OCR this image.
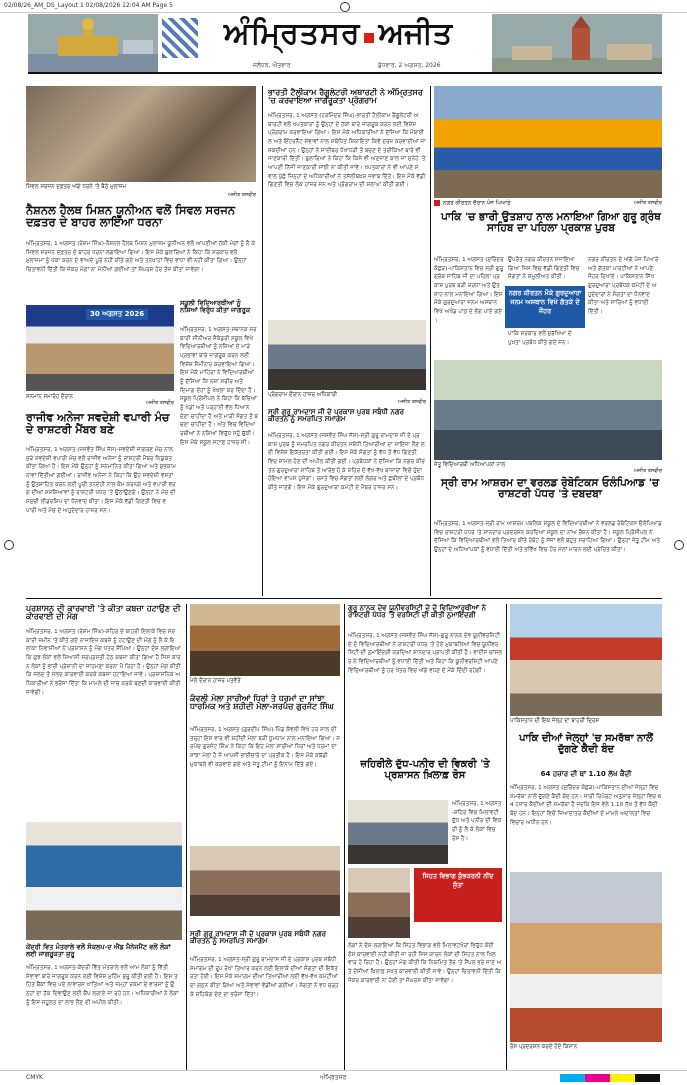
02/08/26_AM_DS_Layout 1 02/08/2026 12:04 AM Page 5
ਅੰਮ੍ਰਿਤਸਰ ਅਜੀਤ
ਜਲੰਧਰ, ਐਤਵਾਰ	ਬੁੱਧਵਾਰ, 2 ਅਗਸਤ, 2026
ਸਿਵਲ ਸਰਜਨ ਦਫ਼ਤਰ ਅੱਗੇ ਧਰਨੇ 'ਤੇ ਬੈਠੇ ਮੁਲਾਜ਼ਮ
ਅਜੀਤ ਤਸਵੀਰ
ਨੈਸ਼ਨਲ ਹੈਲਥ ਮਿਸ਼ਨ ਯੂਨੀਅਨ ਵਲੋਂ ਸਿਵਲ ਸਰਜਨ ਦਫ਼ਤਰ ਦੇ ਬਾਹਰ ਲਾਇਆ ਧਰਨਾ
ਅੰਮ੍ਰਿਤਸਰ, 1 ਅਗਸਤ (ਰੇਸ਼ਮ ਸਿੰਘ)-ਨੈਸ਼ਨਲ ਹੈਲਥ ਮਿਸ਼ਨ ਮੁਲਾਜ਼ਮ ਯੂਨੀਅਨ ਵਲੋਂ ਆਪਣੀਆਂ ਹੱਕੀ ਮੰਗਾਂ ਨੂੰ ਲੈ ਕੇ ਸਿਵਲ ਸਰਜਨ ਦਫ਼ਤਰ ਦੇ ਬਾਹਰ ਧਰਨਾ ਲਗਾਇਆ ਗਿਆ। ਇਸ ਮੌਕੇ ਬੁਲਾਰਿਆਂ ਨੇ ਕਿਹਾ ਕਿ ਸਰਕਾਰ ਵਲੋਂ ਮੁਲਾਜ਼ਮਾਂ ਨੂੰ ਪੱਕਾ ਕਰਨ ਦੇ ਵਾਅਦੇ ਪੂਰੇ ਨਹੀਂ ਕੀਤੇ ਗਏ ਅਤੇ ਤਨਖ਼ਾਹਾਂ ਵਿਚ ਵਾਧਾ ਵੀ ਨਹੀਂ ਕੀਤਾ ਗਿਆ। ਉਨ੍ਹਾਂ ਚਿਤਾਵਨੀ ਦਿੱਤੀ ਕਿ ਜੇਕਰ ਮੰਗਾਂ ਨਾ ਮੰਨੀਆਂ ਗਈਆਂ ਤਾਂ ਸੰਘਰਸ਼ ਹੋਰ ਤੇਜ਼ ਕੀਤਾ ਜਾਵੇਗਾ।
30 ਅਗਸਤ 2026
ਸਨਮਾਨ ਸਮਾਰੋਹ ਦੌਰਾਨ
ਅਜੀਤ ਤਸਵੀਰ
ਰਾਜੀਵ ਅਨੇਜਾ ਸਵਦੇਸ਼ੀ ਵਪਾਰੀ ਮੰਚ ਦੇ ਰਾਸ਼ਟਰੀ ਮੈਂਬਰ ਬਣੇ
ਅੰਮ੍ਰਿਤਸਰ, 1 ਅਗਸਤ (ਜਸਵੰਤ ਸਿੰਘ ਜੱਸ)-ਸਵਦੇਸ਼ੀ ਜਾਗਰਣ ਮੰਚ ਨਾਲ ਜੁੜੇ ਸਵਦੇਸ਼ੀ ਵਪਾਰੀ ਮੰਚ ਵਲੋਂ ਰਾਜੀਵ ਅਨੇਜਾ ਨੂੰ ਰਾਸ਼ਟਰੀ ਮੈਂਬਰ ਨਿਯੁਕਤ ਕੀਤਾ ਗਿਆ ਹੈ। ਇਸ ਮੌਕੇ ਉਨ੍ਹਾਂ ਨੂੰ ਸਨਮਾਨਿਤ ਕੀਤਾ ਗਿਆ ਅਤੇ ਸ਼ੁਭਕਾਮਨਾਵਾਂ ਦਿੱਤੀਆਂ ਗਈਆਂ। ਰਾਜੀਵ ਅਨੇਜਾ ਨੇ ਕਿਹਾ ਕਿ ਉਹ ਸਵਦੇਸ਼ੀ ਵਸਤਾਂ ਨੂੰ ਉਤਸ਼ਾਹਿਤ ਕਰਨ ਲਈ ਪੂਰੀ ਤਨਦੇਹੀ ਨਾਲ ਕੰਮ ਕਰਨਗੇ ਅਤੇ ਵਪਾਰੀ ਵਰਗ ਦੀਆਂ ਸਮੱਸਿਆਵਾਂ ਨੂੰ ਰਾਸ਼ਟਰੀ ਪੱਧਰ 'ਤੇ ਉਠਾਉਣਗੇ। ਉਨ੍ਹਾਂ ਨੇ ਮੰਚ ਦੀ ਸਮੁੱਚੀ ਲੀਡਰਸ਼ਿਪ ਦਾ ਧੰਨਵਾਦ ਕੀਤਾ। ਇਸ ਮੌਕੇ ਵੱਡੀ ਗਿਣਤੀ ਵਿਚ ਵਪਾਰੀ ਅਤੇ ਮੰਚ ਦੇ ਅਹੁਦੇਦਾਰ ਹਾਜ਼ਰ ਸਨ।
ਸਕੂਲੀ ਵਿਦਿਆਰਥੀਆਂ ਨੂੰ ਨਸ਼ਿਆਂ ਵਿਰੁੱਧ ਕੀਤਾ ਜਾਗਰੂਕ
ਅੰਮ੍ਰਿਤਸਰ, 1 ਅਗਸਤ-ਸਥਾਨਕ ਸਰਕਾਰੀ ਸੀਨੀਅਰ ਸੈਕੰਡਰੀ ਸਕੂਲ ਵਿਖੇ ਵਿਦਿਆਰਥੀਆਂ ਨੂੰ ਨਸ਼ਿਆਂ ਦੇ ਮਾੜੇ ਪ੍ਰਭਾਵਾਂ ਬਾਰੇ ਜਾਗਰੂਕ ਕਰਨ ਲਈ ਵਿਸ਼ੇਸ਼ ਸੈਮੀਨਾਰ ਕਰਵਾਇਆ ਗਿਆ। ਇਸ ਮੌਕੇ ਮਾਹਿਰਾਂ ਨੇ ਵਿਦਿਆਰਥੀਆਂ ਨੂੰ ਦੱਸਿਆ ਕਿ ਨਸ਼ਾ ਸਰੀਰ ਅਤੇ ਦਿਮਾਗ ਦੋਹਾਂ ਨੂੰ ਖੋਖਲਾ ਕਰ ਦਿੰਦਾ ਹੈ। ਸਕੂਲ ਪ੍ਰਿੰਸੀਪਲ ਨੇ ਕਿਹਾ ਕਿ ਬੱਚਿਆਂ ਨੂੰ ਖੇਡਾਂ ਅਤੇ ਪੜ੍ਹਾਈ ਵੱਲ ਧਿਆਨ ਦੇਣਾ ਚਾਹੀਦਾ ਹੈ ਅਤੇ ਮਾੜੀ ਸੰਗਤ ਤੋਂ ਬਚਣਾ ਚਾਹੀਦਾ ਹੈ। ਅੰਤ ਵਿਚ ਵਿਦਿਆਰਥੀਆਂ ਨੇ ਨਸ਼ਿਆਂ ਵਿਰੁੱਧ ਸਹੁੰ ਚੁੱਕੀ। ਇਸ ਮੌਕੇ ਸਕੂਲ ਸਟਾਫ਼ ਹਾਜ਼ਰ ਸੀ।
ਭਾਰਤੀ ਟੈਲੀਕਾਮ ਰੈਗੂਲੇਟਰੀ ਅਥਾਰਟੀ ਨੇ ਅੰਮ੍ਰਿਤਸਰ 'ਚ ਕਰਵਾਇਆ ਜਾਗਰੂਕਤਾ ਪ੍ਰੋਗਰਾਮ
ਅੰਮ੍ਰਿਤਸਰ, 1 ਅਗਸਤ (ਹਰਮਿੰਦਰ ਸਿੰਘ)-ਭਾਰਤੀ ਟੈਲੀਕਾਮ ਰੈਗੂਲੇਟਰੀ ਅਥਾਰਟੀ ਵਲੋਂ ਖਪਤਕਾਰਾਂ ਨੂੰ ਉਨ੍ਹਾਂ ਦੇ ਹੱਕਾਂ ਬਾਰੇ ਜਾਗਰੂਕ ਕਰਨ ਲਈ ਵਿਸ਼ੇਸ਼ ਪ੍ਰੋਗਰਾਮ ਕਰਵਾਇਆ ਗਿਆ। ਇਸ ਮੌਕੇ ਅਧਿਕਾਰੀਆਂ ਨੇ ਦੱਸਿਆ ਕਿ ਮੋਬਾਈਲ ਅਤੇ ਇੰਟਰਨੈੱਟ ਸੇਵਾਵਾਂ ਨਾਲ ਸਬੰਧਿਤ ਸ਼ਿਕਾਇਤਾਂ ਕਿਵੇਂ ਦਰਜ ਕਰਵਾਈਆਂ ਜਾ ਸਕਦੀਆਂ ਹਨ। ਉਨ੍ਹਾਂ ਨੇ ਸਾਈਬਰ ਧੋਖਾਧੜੀ ਤੋਂ ਬਚਣ ਦੇ ਤਰੀਕਿਆਂ ਬਾਰੇ ਵੀ ਜਾਣਕਾਰੀ ਦਿੱਤੀ। ਬੁਲਾਰਿਆਂ ਨੇ ਕਿਹਾ ਕਿ ਕਿਸੇ ਵੀ ਅਣਜਾਣ ਕਾਲ ਜਾਂ ਸੁਨੇਹੇ 'ਤੇ ਆਪਣੀ ਨਿੱਜੀ ਜਾਣਕਾਰੀ ਸਾਂਝੀ ਨਾ ਕੀਤੀ ਜਾਵੇ। ਖਪਤਕਾਰਾਂ ਨੇ ਵੀ ਆਪਣੇ ਸਵਾਲ ਪੁੱਛੇ ਜਿਨ੍ਹਾਂ ਦੇ ਅਧਿਕਾਰੀਆਂ ਨੇ ਤਸੱਲੀਬਖ਼ਸ਼ ਜਵਾਬ ਦਿੱਤੇ। ਇਸ ਮੌਕੇ ਵੱਡੀ ਗਿਣਤੀ ਵਿਚ ਲੋਕ ਹਾਜ਼ਰ ਸਨ ਅਤੇ ਪ੍ਰੋਗਰਾਮ ਦੀ ਸ਼ਲਾਘਾ ਕੀਤੀ ਗਈ।
ਪ੍ਰੋਗਰਾਮ ਦੌਰਾਨ ਹਾਜ਼ਰ ਅਧਿਕਾਰੀ
ਅਜੀਤ ਤਸਵੀਰ
ਸ੍ਰੀ ਗੁਰੂ ਰਾਮਦਾਸ ਜੀ ਦੇ ਪ੍ਰਕਾਸ਼ ਪੁਰਬ ਸਬੰਧੀ ਨਗਰ ਕੀਰਤਨ ਨੂੰ ਸਮਰਪਿਤ ਸਮਾਗਮ
ਅੰਮ੍ਰਿਤਸਰ, 1 ਅਗਸਤ (ਜਸਵੰਤ ਸਿੰਘ ਜੱਸ)-ਸ੍ਰੀ ਗੁਰੂ ਰਾਮਦਾਸ ਜੀ ਦੇ ਪ੍ਰਕਾਸ਼ ਪੁਰਬ ਨੂੰ ਸਮਰਪਿਤ ਨਗਰ ਕੀਰਤਨ ਸਬੰਧੀ ਤਿਆਰੀਆਂ ਦਾ ਜਾਇਜ਼ਾ ਲੈਣ ਲਈ ਵਿਸ਼ੇਸ਼ ਇਕੱਤਰਤਾ ਕੀਤੀ ਗਈ। ਇਸ ਮੌਕੇ ਸੰਗਤਾਂ ਨੂੰ ਵੱਧ ਤੋਂ ਵੱਧ ਗਿਣਤੀ ਵਿਚ ਸ਼ਾਮਲ ਹੋਣ ਦੀ ਅਪੀਲ ਕੀਤੀ ਗਈ। ਪ੍ਰਬੰਧਕਾਂ ਨੇ ਦੱਸਿਆ ਕਿ ਨਗਰ ਕੀਰਤਨ ਗੁਰਦੁਆਰਾ ਸਾਹਿਬ ਤੋਂ ਆਰੰਭ ਹੋ ਕੇ ਸ਼ਹਿਰ ਦੇ ਵੱਖ-ਵੱਖ ਬਾਜ਼ਾਰਾਂ ਵਿਚੋਂ ਹੁੰਦਾ ਹੋਇਆ ਵਾਪਸ ਪੁੱਜੇਗਾ। ਰਸਤੇ ਵਿਚ ਸੰਗਤਾਂ ਲਈ ਲੰਗਰ ਅਤੇ ਛਬੀਲਾਂ ਦੇ ਪ੍ਰਬੰਧ ਕੀਤੇ ਜਾਣਗੇ। ਇਸ ਮੌਕੇ ਗੁਰਦੁਆਰਾ ਕਮੇਟੀ ਦੇ ਮੈਂਬਰ ਹਾਜ਼ਰ ਸਨ।
ਨਗਰ ਕੀਰਤਨ ਦੌਰਾਨ ਪੰਜ ਪਿਆਰੇ	ਅਜੀਤ ਤਸਵੀਰ
ਪਾਕਿ 'ਚ ਭਾਰੀ ਉਤਸ਼ਾਹ ਨਾਲ ਮਨਾਇਆ ਗਿਆ ਗੁਰੂ ਗ੍ਰੰਥ ਸਾਹਿਬ ਦਾ ਪਹਿਲਾ ਪ੍ਰਕਾਸ਼ ਪੁਰਬ
ਅੰਮ੍ਰਿਤਸਰ, 1 ਅਗਸਤ (ਸੁਰਿੰਦਰ ਕੋਛੜ)-ਪਾਕਿਸਤਾਨ ਵਿਚ ਸ੍ਰੀ ਗੁਰੂ ਗ੍ਰੰਥ ਸਾਹਿਬ ਜੀ ਦਾ ਪਹਿਲਾ ਪ੍ਰਕਾਸ਼ ਪੁਰਬ ਬੜੀ ਸ਼ਰਧਾ ਅਤੇ ਉਤਸ਼ਾਹ ਨਾਲ ਮਨਾਇਆ ਗਿਆ। ਇਸ ਮੌਕੇ ਗੁਰਦੁਆਰਾ ਜਨਮ ਅਸਥਾਨ ਵਿਖੇ ਅਖੰਡ ਪਾਠ ਦੇ ਭੋਗ ਪਾਏ ਗਏ।
ਉਪਰੰਤ ਨਗਰ ਕੀਰਤਨ ਸਜਾਇਆ ਗਿਆ ਜਿਸ ਵਿਚ ਵੱਡੀ ਗਿਣਤੀ ਵਿਚ ਸੰਗਤਾਂ ਨੇ ਸ਼ਮੂਲੀਅਤ ਕੀਤੀ।
ਨਗਰ ਕੀਰਤਨ ਮੌਕੇ ਗੁਰਦੁਆਰਾ ਜਨਮ ਅਸਥਾਨ ਵਿਖੇ ਗੱਤਕੇ ਦੇ ਜੌਹਰ
ਪਾਕਿ ਸਰਕਾਰ ਵਲੋਂ ਸੁਰੱਖਿਆ ਦੇ ਪੁਖ਼ਤਾ ਪ੍ਰਬੰਧ ਕੀਤੇ ਗਏ ਸਨ।
ਨਗਰ ਕੀਰਤਨ ਦੇ ਅੱਗੇ ਪੰਜ ਪਿਆਰੇ ਅਤੇ ਗੱਤਕਾ ਪਾਰਟੀਆਂ ਨੇ ਆਪਣੇ ਜੌਹਰ ਦਿਖਾਏ। ਪਾਕਿਸਤਾਨ ਸਿੱਖ ਗੁਰਦੁਆਰਾ ਪ੍ਰਬੰਧਕ ਕਮੇਟੀ ਦੇ ਅਹੁਦੇਦਾਰਾਂ ਨੇ ਸੰਗਤਾਂ ਦਾ ਧੰਨਵਾਦ ਕੀਤਾ ਅਤੇ ਸਾਰਿਆਂ ਨੂੰ ਵਧਾਈ ਦਿੱਤੀ।
ਜੇਤੂ ਵਿਦਿਆਰਥੀ ਅਧਿਆਪਕਾਂ ਨਾਲ
ਅਜੀਤ ਤਸਵੀਰ
ਸ੍ਰੀ ਰਾਮ ਆਸ਼ਰਮ ਦਾ ਵਰਲਡ ਰੋਬੋਟਿਕਸ ਓਲੰਪਿਆਡ 'ਚ ਰਾਸ਼ਟਰੀ ਪੱਧਰ 'ਤੇ ਦਬਦਬਾ
ਅੰਮ੍ਰਿਤਸਰ, 1 ਅਗਸਤ-ਸ੍ਰੀ ਰਾਮ ਆਸ਼ਰਮ ਪਬਲਿਕ ਸਕੂਲ ਦੇ ਵਿਦਿਆਰਥੀਆਂ ਨੇ ਵਰਲਡ ਰੋਬੋਟਿਕਸ ਓਲੰਪਿਆਡ ਵਿਚ ਰਾਸ਼ਟਰੀ ਪੱਧਰ 'ਤੇ ਸ਼ਾਨਦਾਰ ਪ੍ਰਦਰਸ਼ਨ ਕਰਦਿਆਂ ਸਕੂਲ ਦਾ ਨਾਂਅ ਰੌਸ਼ਨ ਕੀਤਾ ਹੈ। ਸਕੂਲ ਪ੍ਰਿੰਸੀਪਲ ਨੇ ਦੱਸਿਆ ਕਿ ਵਿਦਿਆਰਥੀਆਂ ਵਲੋਂ ਤਿਆਰ ਕੀਤੇ ਰੋਬੋਟ ਨੂੰ ਜੱਜਾਂ ਵਲੋਂ ਬਹੁਤ ਸਰਾਹਿਆ ਗਿਆ। ਉਨ੍ਹਾਂ ਜੇਤੂ ਟੀਮ ਅਤੇ ਉਨ੍ਹਾਂ ਦੇ ਅਧਿਆਪਕਾਂ ਨੂੰ ਵਧਾਈ ਦਿੱਤੀ ਅਤੇ ਭਵਿੱਖ ਵਿਚ ਹੋਰ ਮੱਲਾਂ ਮਾਰਨ ਲਈ ਪ੍ਰੇਰਿਤ ਕੀਤਾ।
ਪ੍ਰਸ਼ਾਸਨ ਦੀ ਕਾਰਵਾਈ 'ਤੇ ਕੀਤਾ ਕਬਜ਼ਾ ਹਟਾਉਣ ਦੀ ਕਾਰਵਾਈ ਦੀ ਮੰਗ
ਅੰਮ੍ਰਿਤਸਰ, 1 ਅਗਸਤ (ਰੇਸ਼ਮ ਸਿੰਘ)-ਸ਼ਹਿਰ ਦੇ ਬਾਹਰੀ ਇਲਾਕੇ ਵਿਚ ਸਰਕਾਰੀ ਜ਼ਮੀਨ 'ਤੇ ਕੀਤੇ ਗਏ ਨਾਜਾਇਜ਼ ਕਬਜ਼ੇ ਨੂੰ ਹਟਾਉਣ ਦੀ ਮੰਗ ਨੂੰ ਲੈ ਕੇ ਇਲਾਕਾ ਨਿਵਾਸੀਆਂ ਨੇ ਪ੍ਰਸ਼ਾਸਨ ਨੂੰ ਮੰਗ ਪੱਤਰ ਸੌਂਪਿਆ। ਉਨ੍ਹਾਂ ਦੋਸ਼ ਲਗਾਇਆ ਕਿ ਕੁਝ ਲੋਕਾਂ ਵਲੋਂ ਸਿਆਸੀ ਸਰਪ੍ਰਸਤੀ ਹੇਠ ਕਬਜ਼ਾ ਕੀਤਾ ਗਿਆ ਹੈ ਜਿਸ ਕਾਰਨ ਲੋਕਾਂ ਨੂੰ ਭਾਰੀ ਪ੍ਰੇਸ਼ਾਨੀ ਦਾ ਸਾਹਮਣਾ ਕਰਨਾ ਪੈ ਰਿਹਾ ਹੈ। ਉਨ੍ਹਾਂ ਮੰਗ ਕੀਤੀ ਕਿ ਜਲਦ ਤੋਂ ਜਲਦ ਕਾਰਵਾਈ ਕਰਕੇ ਕਬਜ਼ਾ ਹਟਾਇਆ ਜਾਵੇ। ਪ੍ਰਸ਼ਾਸਨਿਕ ਅਧਿਕਾਰੀਆਂ ਨੇ ਭਰੋਸਾ ਦਿੱਤਾ ਕਿ ਮਾਮਲੇ ਦੀ ਜਾਂਚ ਕਰਕੇ ਬਣਦੀ ਕਾਰਵਾਈ ਕੀਤੀ ਜਾਵੇਗੀ।
ਕੇਂਦਰੀ ਵਿਤ ਮੰਤਰਾਲੇ ਵਲੋਂ ਸੰਕਲਪ-ਦ ਐਂਡ ਮੈਨੇਜਮੈਂਟ ਵਲੋਂ ਲੋਕਾਂ ਲਈ ਜਾਗਰੂਕਤਾ ਸ਼ੁਰੂ
ਅੰਮ੍ਰਿਤਸਰ, 1 ਅਗਸਤ-ਕੇਂਦਰੀ ਵਿੱਤ ਮੰਤਰਾਲੇ ਵਲੋਂ ਆਮ ਲੋਕਾਂ ਨੂੰ ਵਿੱਤੀ ਸੇਵਾਵਾਂ ਬਾਰੇ ਜਾਗਰੂਕ ਕਰਨ ਲਈ ਵਿਸ਼ੇਸ਼ ਮੁਹਿੰਮ ਸ਼ੁਰੂ ਕੀਤੀ ਗਈ ਹੈ। ਇਸ ਤਹਿਤ ਬੈਂਕਾਂ ਵਿਚ ਪਏ ਲਾਵਾਰਸ ਖਾਤਿਆਂ ਅਤੇ ਜਮ੍ਹਾਂ ਰਕਮਾਂ ਦੇ ਵਾਰਸਾਂ ਨੂੰ ਉਨ੍ਹਾਂ ਦਾ ਹੱਕ ਦਿਵਾਉਣ ਲਈ ਕੈਂਪ ਲਗਾਏ ਜਾ ਰਹੇ ਹਨ। ਅਧਿਕਾਰੀਆਂ ਨੇ ਲੋਕਾਂ ਨੂੰ ਇਸ ਸਹੂਲਤ ਦਾ ਲਾਭ ਲੈਣ ਦੀ ਅਪੀਲ ਕੀਤੀ।
ਮੇਲੇ ਦੌਰਾਨ ਹਾਜ਼ਰ ਪਤਵੰਤੇ
ਕੰਵਲੀ ਮੇਲਾ ਸਾਰੀਆਂ ਧਿਰਾਂ ਤੇ ਧਰਮਾਂ ਦਾ ਸਾਂਝਾ ਧਾਰਮਿਕ ਅਤੇ ਸ਼ਹੀਦੀ ਮੇਲਾ-ਸਰਪੰਚ ਗੁਰਜੰਟ ਸਿੰਘ
ਅੰਮ੍ਰਿਤਸਰ, 1 ਅਗਸਤ (ਗੁਰਦੀਪ ਸਿੰਘ)-ਪਿੰਡ ਕੰਵਲੀ ਵਿਖੇ ਹਰ ਸਾਲ ਦੀ ਤਰ੍ਹਾਂ ਇਸ ਵਾਰ ਵੀ ਸ਼ਹੀਦੀ ਮੇਲਾ ਬੜੀ ਧੂਮਧਾਮ ਨਾਲ ਮਨਾਇਆ ਗਿਆ। ਸਰਪੰਚ ਗੁਰਜੰਟ ਸਿੰਘ ਨੇ ਕਿਹਾ ਕਿ ਇਹ ਮੇਲਾ ਸਾਰੀਆਂ ਧਿਰਾਂ ਅਤੇ ਧਰਮਾਂ ਦਾ ਸਾਂਝਾ ਮੇਲਾ ਹੈ ਜੋ ਆਪਸੀ ਭਾਈਚਾਰੇ ਦਾ ਪ੍ਰਤੀਕ ਹੈ। ਇਸ ਮੌਕੇ ਕਬੱਡੀ ਮੁਕਾਬਲੇ ਵੀ ਕਰਵਾਏ ਗਏ ਅਤੇ ਜੇਤੂ ਟੀਮਾਂ ਨੂੰ ਇਨਾਮ ਦਿੱਤੇ ਗਏ।
ਸ੍ਰੀ ਗੁਰੂ ਰਾਮਦਾਸ ਜੀ ਦੇ ਪ੍ਰਕਾਸ਼ ਪੁਰਬ ਸਬੰਧੀ ਨਗਰ ਕੀਰਤਨ ਨੂੰ ਸਮਰਪਿਤ ਸਮਾਗਮ
ਅੰਮ੍ਰਿਤਸਰ, 1 ਅਗਸਤ-ਸ੍ਰੀ ਗੁਰੂ ਰਾਮਦਾਸ ਜੀ ਦੇ ਪ੍ਰਕਾਸ਼ ਪੁਰਬ ਸਬੰਧੀ ਸਮਾਗਮ ਦੀ ਰੂਪ ਰੇਖਾ ਤਿਆਰ ਕਰਨ ਲਈ ਇਲਾਕੇ ਦੀਆਂ ਸੰਗਤਾਂ ਦੀ ਇਕੱਤਰਤਾ ਹੋਈ। ਇਸ ਮੌਕੇ ਸਮਾਗਮ ਦੀਆਂ ਤਿਆਰੀਆਂ ਲਈ ਵੱਖ-ਵੱਖ ਕਮੇਟੀਆਂ ਦਾ ਗਠਨ ਕੀਤਾ ਗਿਆ ਅਤੇ ਸੇਵਾਵਾਂ ਵੰਡੀਆਂ ਗਈਆਂ। ਸੰਗਤਾਂ ਨੇ ਵਧ ਚੜ੍ਹ ਕੇ ਸਹਿਯੋਗ ਦੇਣ ਦਾ ਭਰੋਸਾ ਦਿੱਤਾ।
ਗੁਰੂ ਨਾਨਕ ਦੇਵ ਯੂਨੀਵਰਸਿਟੀ ਦੇ ਦੋ ਵਿਦਿਆਰਥੀਆਂ ਨੇ ਰਾਸ਼ਟਰੀ ਪੱਧਰ 'ਤੇ ਵਰਸਿਟੀ ਦੀ ਕੀਤੀ ਨੁਮਾਇੰਦਗੀ
ਅੰਮ੍ਰਿਤਸਰ, 1 ਅਗਸਤ (ਜਸਵੰਤ ਸਿੰਘ ਜੱਸ)-ਗੁਰੂ ਨਾਨਕ ਦੇਵ ਯੂਨੀਵਰਸਿਟੀ ਦੇ ਦੋ ਵਿਦਿਆਰਥੀਆਂ ਨੇ ਰਾਸ਼ਟਰੀ ਪੱਧਰ 'ਤੇ ਹੋਏ ਮੁਕਾਬਲਿਆਂ ਵਿਚ ਯੂਨੀਵਰਸਿਟੀ ਦੀ ਨੁਮਾਇੰਦਗੀ ਕਰਦਿਆਂ ਸ਼ਾਨਦਾਰ ਪ੍ਰਾਪਤੀ ਕੀਤੀ ਹੈ। ਵਾਈਸ ਚਾਂਸਲਰ ਨੇ ਵਿਦਿਆਰਥੀਆਂ ਨੂੰ ਵਧਾਈ ਦਿੱਤੀ ਅਤੇ ਕਿਹਾ ਕਿ ਯੂਨੀਵਰਸਿਟੀ ਆਪਣੇ ਵਿਦਿਆਰਥੀਆਂ ਨੂੰ ਹਰ ਖੇਤਰ ਵਿਚ ਅੱਗੇ ਵਧਣ ਦੇ ਮੌਕੇ ਦਿੰਦੀ ਰਹੇਗੀ।
ਜ਼ਹਿਰੀਲੇ ਦੁੱਧ-ਪਨੀਰ ਦੀ ਵਿਕਰੀ 'ਤੇ ਪ੍ਰਸ਼ਾਸਨ ਖ਼ਿਲਾਫ਼ ਰੋਸ
ਸਿਹਤ ਵਿਭਾਗ ਕੁੰਭਕਰਨੀ ਨੀਂਦ ਸੁੱਤਾ
ਅੰਮ੍ਰਿਤਸਰ, 1 ਅਗਸਤ-ਸ਼ਹਿਰ ਵਿਚ ਮਿਲਾਵਟੀ ਦੁੱਧ ਅਤੇ ਪਨੀਰ ਦੀ ਵਿਕਰੀ ਨੂੰ ਲੈ ਕੇ ਲੋਕਾਂ ਵਿਚ ਰੋਸ ਹੈ।
ਲੋਕਾਂ ਨੇ ਦੋਸ਼ ਲਗਾਇਆ ਕਿ ਸਿਹਤ ਵਿਭਾਗ ਵਲੋਂ ਮਿਲਾਵਟਖੋਰਾਂ ਵਿਰੁੱਧ ਕੋਈ ਠੋਸ ਕਾਰਵਾਈ ਨਹੀਂ ਕੀਤੀ ਜਾ ਰਹੀ ਜਿਸ ਕਾਰਨ ਲੋਕਾਂ ਦੀ ਸਿਹਤ ਨਾਲ ਖਿਲਵਾੜ ਹੋ ਰਿਹਾ ਹੈ। ਉਨ੍ਹਾਂ ਮੰਗ ਕੀਤੀ ਕਿ ਨਿਯਮਿਤ ਤੌਰ 'ਤੇ ਸੈਂਪਲ ਭਰੇ ਜਾਣ ਅਤੇ ਦੋਸ਼ੀਆਂ ਖ਼ਿਲਾਫ਼ ਸਖ਼ਤ ਕਾਰਵਾਈ ਕੀਤੀ ਜਾਵੇ। ਉਨ੍ਹਾਂ ਚਿਤਾਵਨੀ ਦਿੱਤੀ ਕਿ ਜੇਕਰ ਕਾਰਵਾਈ ਨਾ ਹੋਈ ਤਾਂ ਸੰਘਰਸ਼ ਕੀਤਾ ਜਾਵੇਗਾ।
ਪਾਕਿਸਤਾਨ ਦੀ ਇਕ ਜੇਲ੍ਹ ਦਾ ਬਾਹਰੀ ਦ੍ਰਿਸ਼
ਪਾਕਿ ਦੀਆਂ ਜੇਲ੍ਹਾਂ 'ਚ ਸਮਰੱਥਾ ਨਾਲੋਂ ਦੁੱਗਣੇ ਕੈਦੀ ਬੰਦ
64 ਹਜ਼ਾਰ ਦੀ ਥਾਂ 1.10 ਲੱਖ ਕੈਦੀ
ਅੰਮ੍ਰਿਤਸਰ, 1 ਅਗਸਤ (ਸੁਰਿੰਦਰ ਕੋਛੜ)-ਪਾਕਿਸਤਾਨ ਦੀਆਂ ਜੇਲ੍ਹਾਂ ਵਿਚ ਸਮਰੱਥਾ ਨਾਲੋਂ ਦੁੱਗਣੇ ਕੈਦੀ ਬੰਦ ਹਨ। ਜਾਰੀ ਰਿਪੋਰਟ ਅਨੁਸਾਰ ਜੇਲ੍ਹਾਂ ਵਿਚ 64 ਹਜ਼ਾਰ ਕੈਦੀਆਂ ਦੀ ਸਮਰੱਥਾ ਹੈ ਜਦਕਿ ਇਸ ਵੇਲੇ 1.10 ਲੱਖ ਤੋਂ ਵੱਧ ਕੈਦੀ ਬੰਦ ਹਨ। ਇਨ੍ਹਾਂ ਵਿਚੋਂ ਜ਼ਿਆਦਾਤਰ ਕੈਦੀਆਂ ਦੇ ਮਾਮਲੇ ਅਦਾਲਤਾਂ ਵਿਚ ਵਿਚਾਰ ਅਧੀਨ ਹਨ।
ਰੋਸ ਪ੍ਰਦਰਸ਼ਨ ਕਰਦੇ ਹੋਏ ਕਿਸਾਨ
CMYK	ਅੰਮ੍ਰਿਤਸਰ
